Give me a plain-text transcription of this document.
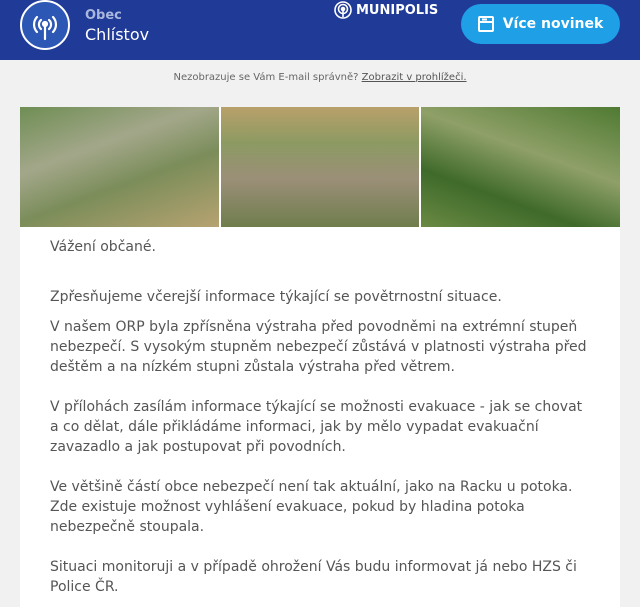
Obec
Chlístov
MUNIPOLIS
Více novinek
Nezobrazuje se Vám E-mail správně? Zobrazit v prohlížeči.

Vážení občané.

Zpřesňujeme včerejší informace týkající se povětrnostní situace.

V našem ORP byla zpřísněna výstraha před povodněmi na extrémní stupeň nebezpečí. S vysokým stupněm nebezpečí zůstává v platnosti výstraha před deštěm a na nízkém stupni zůstala výstraha před větrem.

V přílohách zasílám informace týkající se možnosti evakuace - jak se chovat a co dělat, dále přikládáme informaci, jak by mělo vypadat evakuační zavazadlo a jak postupovat při povodních.

Ve většině částí obce nebezpečí není tak aktuální, jako na Racku u potoka. Zde existuje možnost vyhlášení evakuace, pokud by hladina potoka nebezpečně stoupala.

Situaci monitoruji a v případě ohrožení Vás budu informovat já nebo HZS či Police ČR.
